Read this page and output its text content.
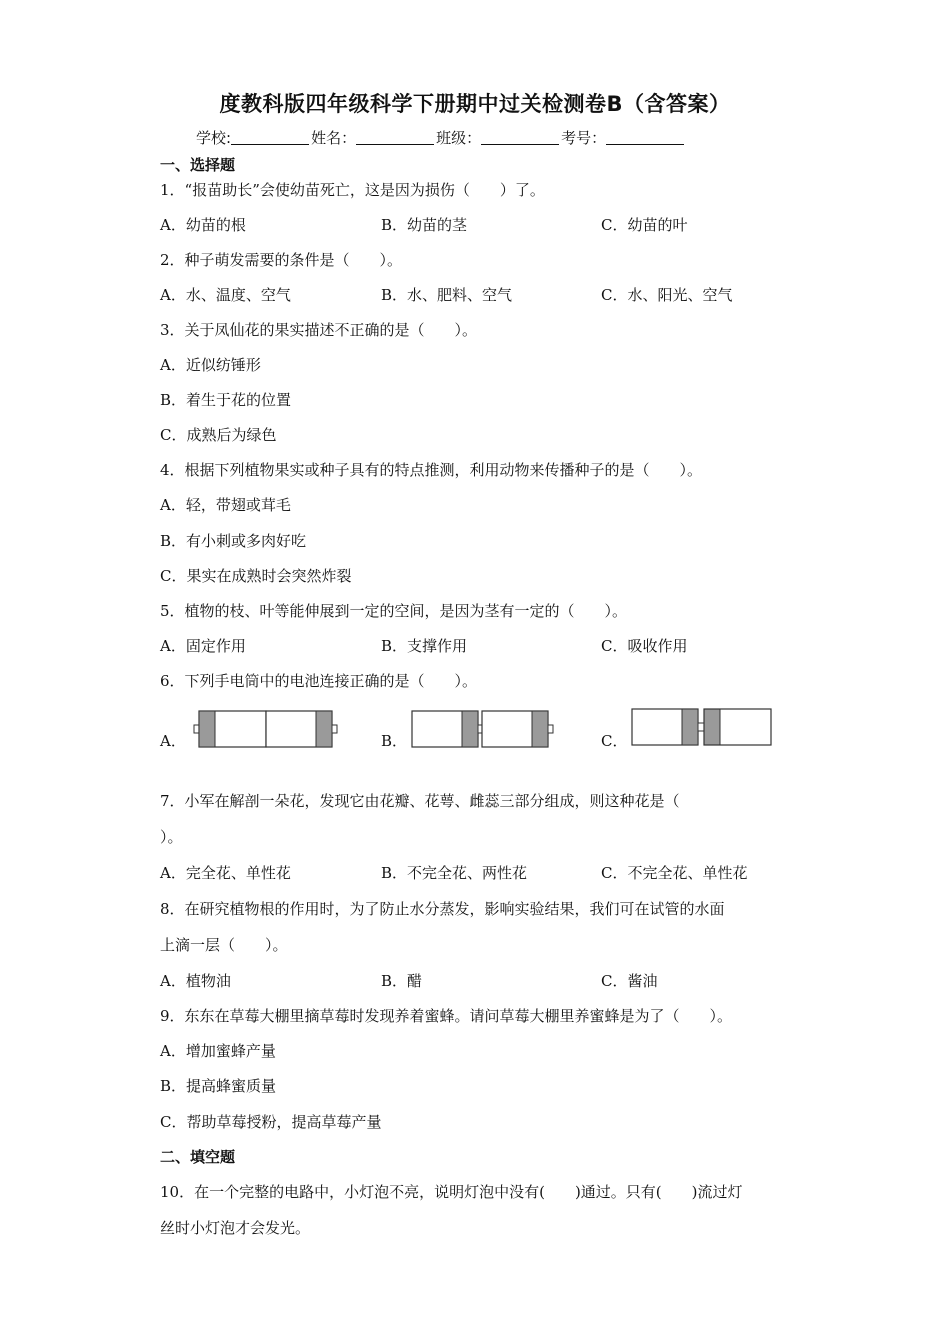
度教科版四年级科学下册期中过关检测卷B（含答案）
学校:	姓名：	班级：	考号：
一、选择题
1．“报苗助长”会使幼苗死亡，这是因为损伤（　　）了。
A．幼苗的根	B．幼苗的茎	C．幼苗的叶
2．种子萌发需要的条件是（　　）。
A．水、温度、空气	B．水、肥料、空气	C．水、阳光、空气
3．关于凤仙花的果实描述不正确的是（　　）。
A．近似纺锤形
B．着生于花的位置
C．成熟后为绿色
4．根据下列植物果实或种子具有的特点推测，利用动物来传播种子的是（　　）。
A．轻，带翅或茸毛
B．有小刺或多肉好吃
C．果实在成熟时会突然炸裂
5．植物的枝、叶等能伸展到一定的空间，是因为茎有一定的（　　）。
A．固定作用	B．支撑作用	C．吸收作用
6．下列手电筒中的电池连接正确的是（　　）。
A．	B．	C．
7．小军在解剖一朵花，发现它由花瓣、花萼、雌蕊三部分组成，则这种花是（
）。
A．完全花、单性花	B．不完全花、两性花	C．不完全花、单性花
8．在研究植物根的作用时，为了防止水分蒸发，影响实验结果，我们可在试管的水面
上滴一层（　　）。
A．植物油	B．醋	C．酱油
9．东东在草莓大棚里摘草莓时发现养着蜜蜂。请问草莓大棚里养蜜蜂是为了（　　）。
A．增加蜜蜂产量
B．提高蜂蜜质量
C．帮助草莓授粉，提高草莓产量
二、填空题
10．在一个完整的电路中，小灯泡不亮，说明灯泡中没有(　　)通过。只有(　　)流过灯
丝时小灯泡才会发光。
